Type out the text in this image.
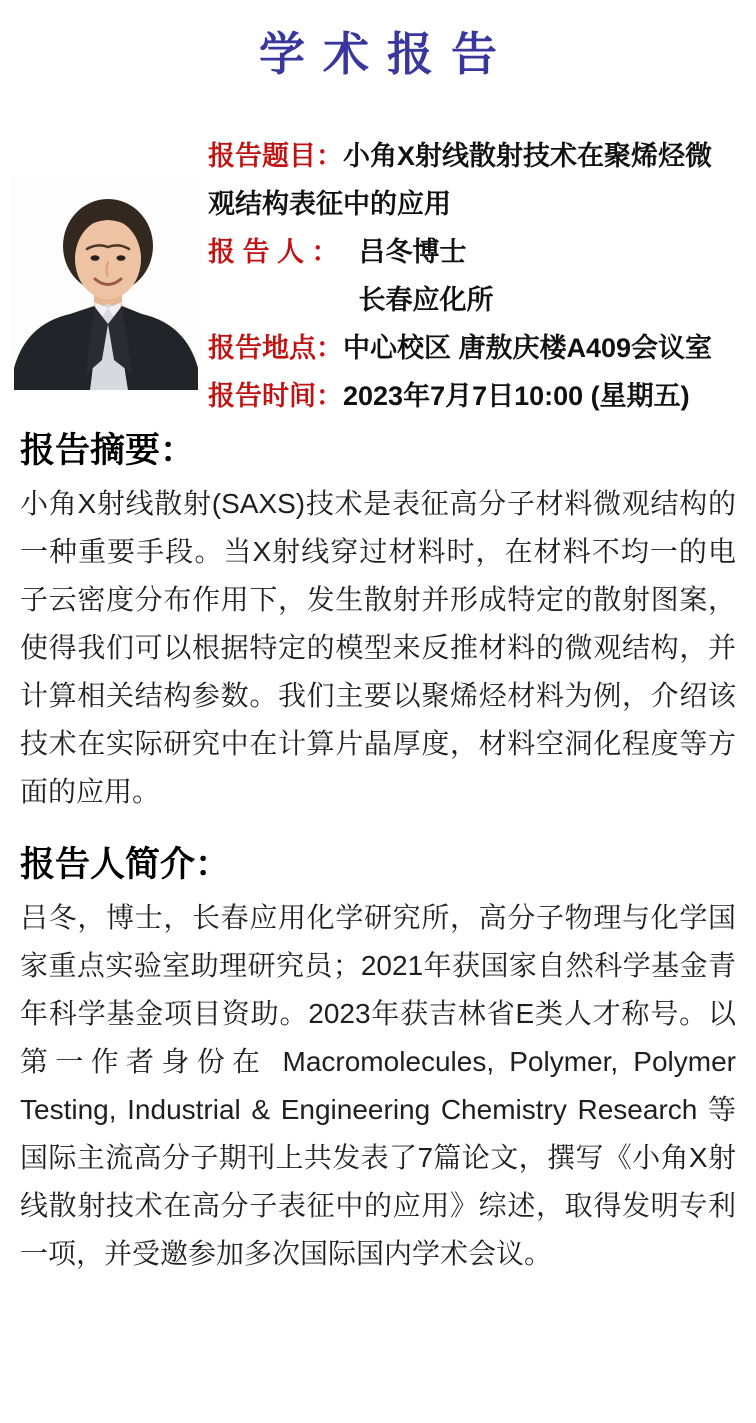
学术报告
报告题目：小角X射线散射技术在聚烯烃微观结构表征中的应用
报 告 人 ： 吕冬博士
长春应化所
报告地点：中心校区 唐敖庆楼A409会议室
报告时间：2023年7月7日10:00 (星期五)
报告摘要：

小角X射线散射(SAXS)技术是表征高分子材料微观结构的一种重要手段。当X射线穿过材料时，在材料不均一的电子云密度分布作用下，发生散射并形成特定的散射图案，使得我们可以根据特定的模型来反推材料的微观结构，并计算相关结构参数。我们主要以聚烯烃材料为例，介绍该技术在实际研究中在计算片晶厚度，材料空洞化程度等方面的应用。

报告人简介：

吕冬，博士，长春应用化学研究所，高分子物理与化学国家重点实验室助理研究员；2021年获国家自然科学基金青年科学基金项目资助。2023年获吉林省E类人才称号。以第一作者身份在 Macromolecules, Polymer, Polymer Testing, Industrial & Engineering Chemistry Research 等国际主流高分子期刊上共发表了7篇论文，撰写《小角X射线散射技术在高分子表征中的应用》综述，取得发明专利一项，并受邀参加多次国际国内学术会议。
